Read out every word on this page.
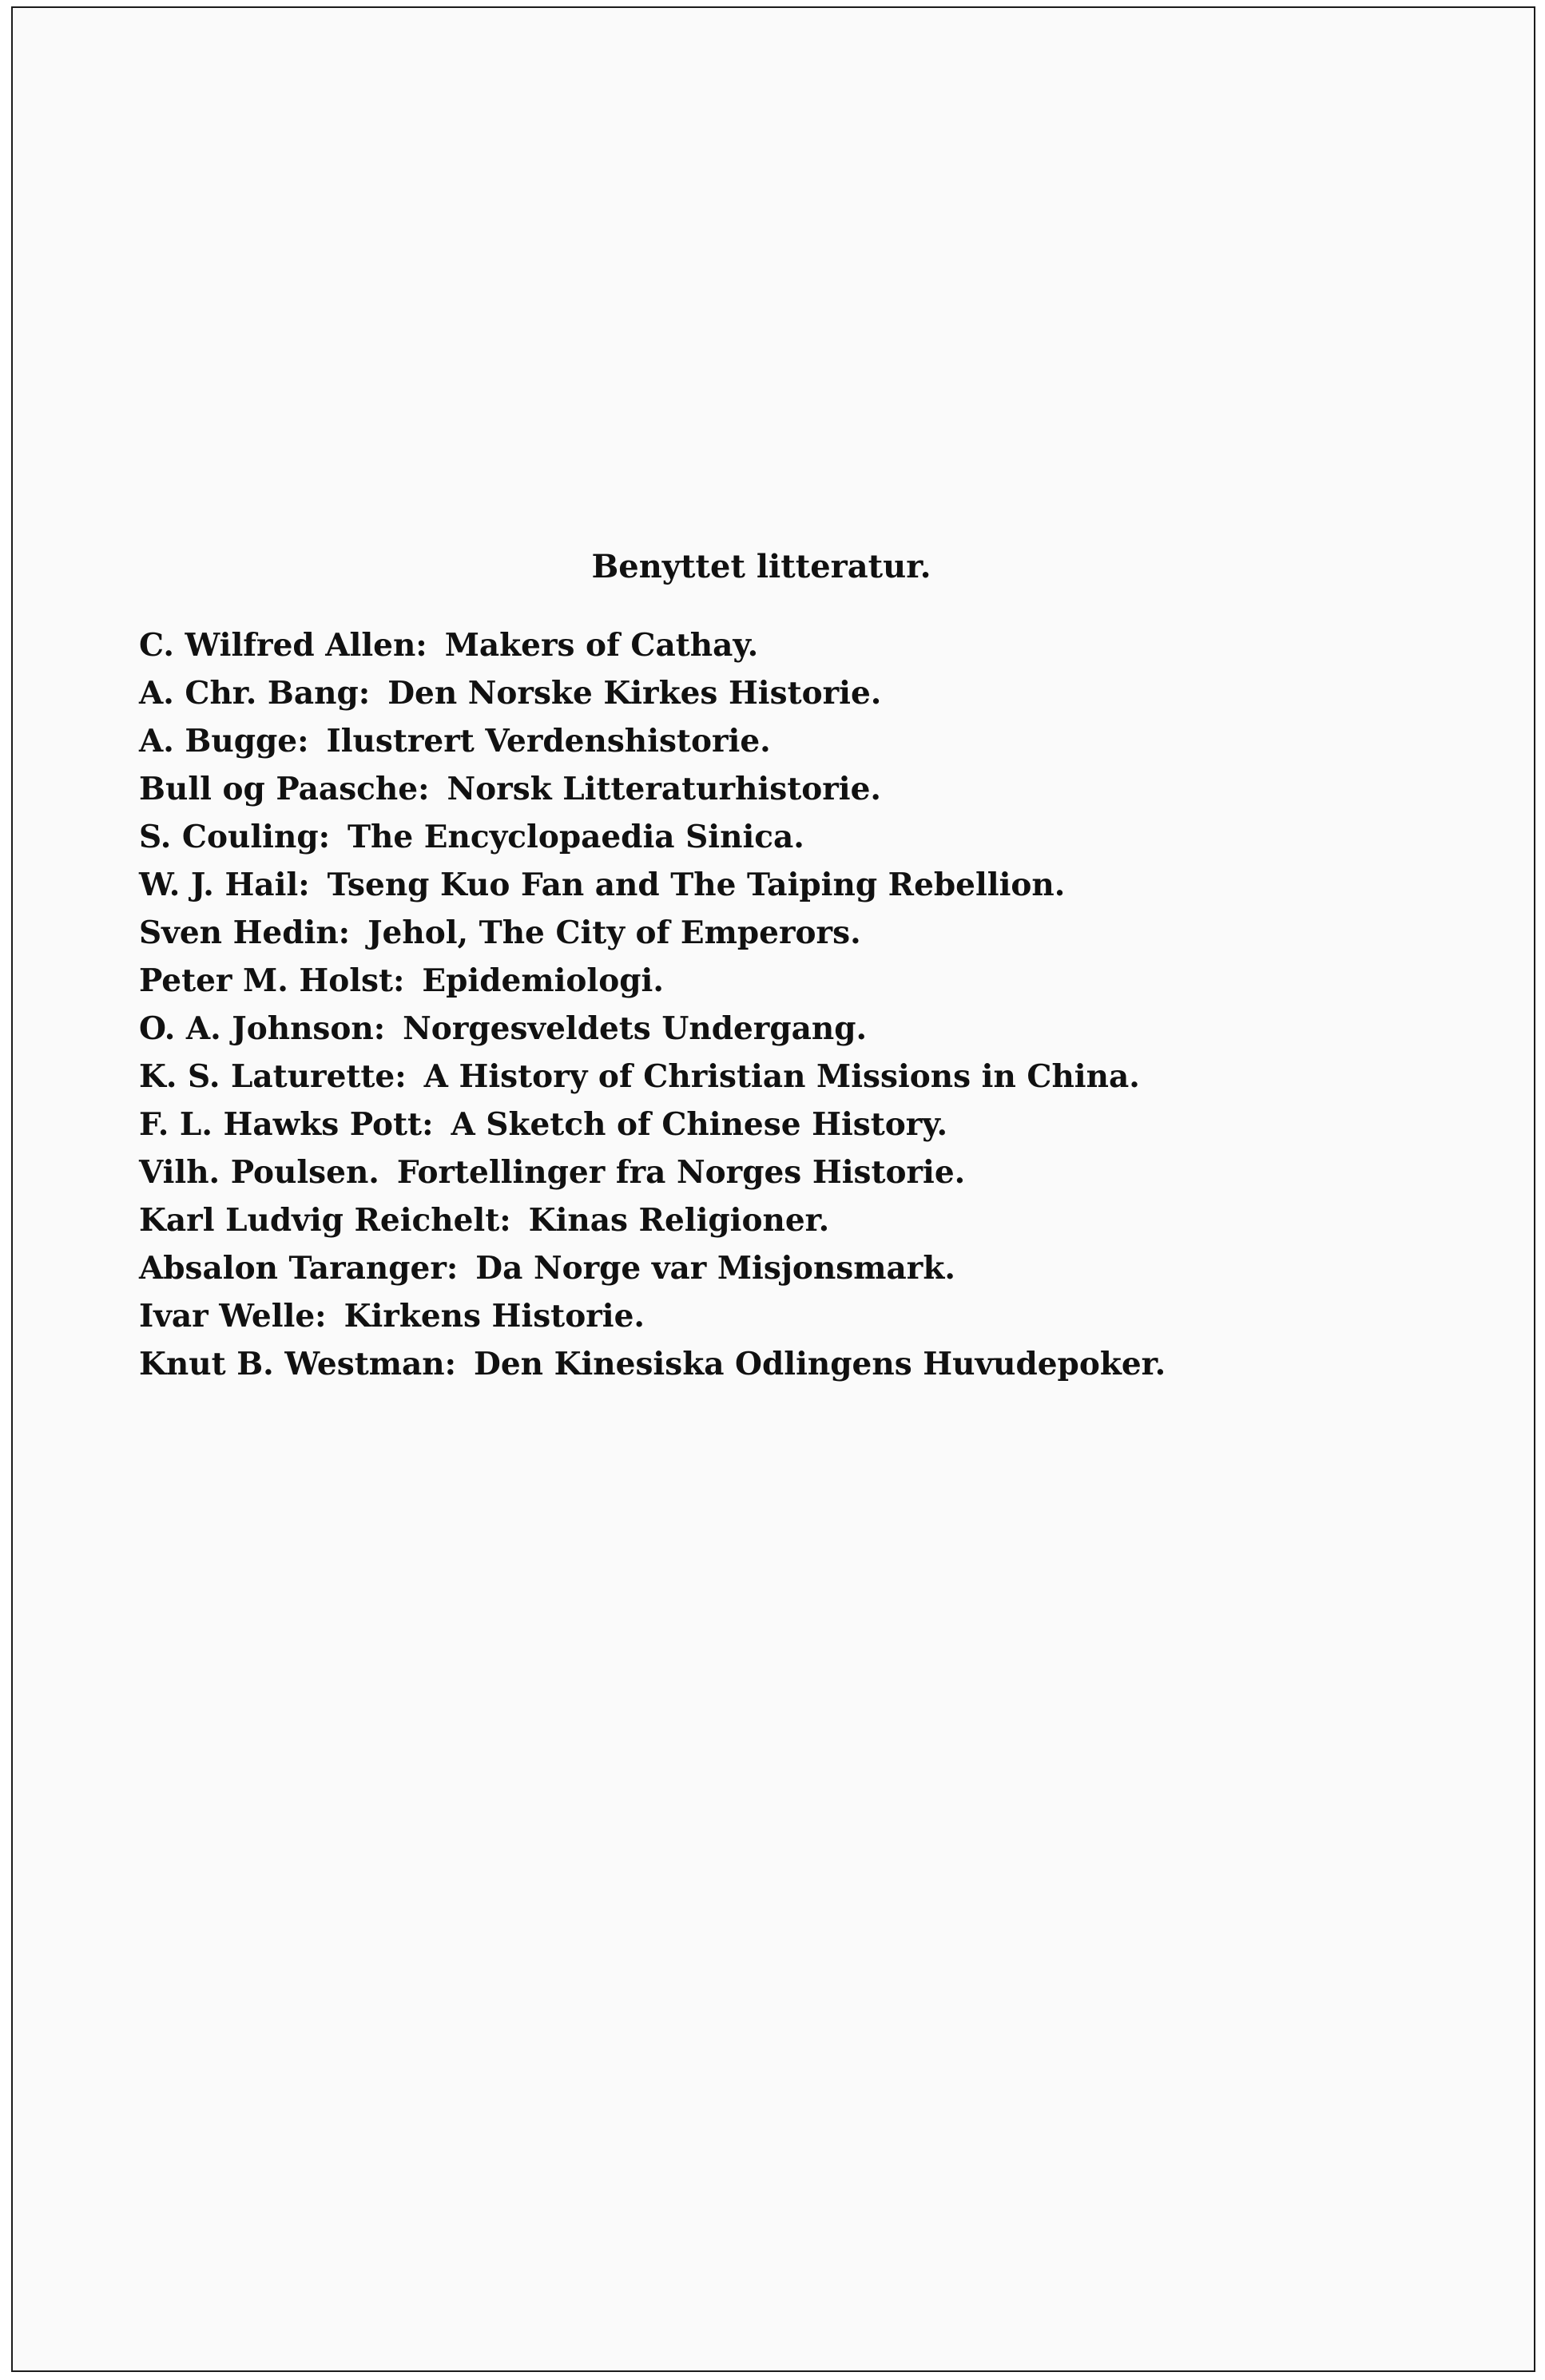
Benyttet litteratur.
C. Wilfred Allen: Makers of Cathay.
A. Chr. Bang: Den Norske Kirkes Historie.
A. Bugge: Ilustrert Verdenshistorie.
Bull og Paasche: Norsk Litteraturhistorie.
S. Couling: The Encyclopaedia Sinica.
W. J. Hail: Tseng Kuo Fan and The Taiping Rebellion.
Sven Hedin: Jehol, The City of Emperors.
Peter M. Holst: Epidemiologi.
O. A. Johnson: Norgesveldets Undergang.
K. S. Laturette: A History of Christian Missions in China.
F. L. Hawks Pott: A Sketch of Chinese History.
Vilh. Poulsen. Fortellinger fra Norges Historie.
Karl Ludvig Reichelt: Kinas Religioner.
Absalon Taranger: Da Norge var Misjonsmark.
Ivar Welle: Kirkens Historie.
Knut B. Westman: Den Kinesiska Odlingens Huvudepoker.
